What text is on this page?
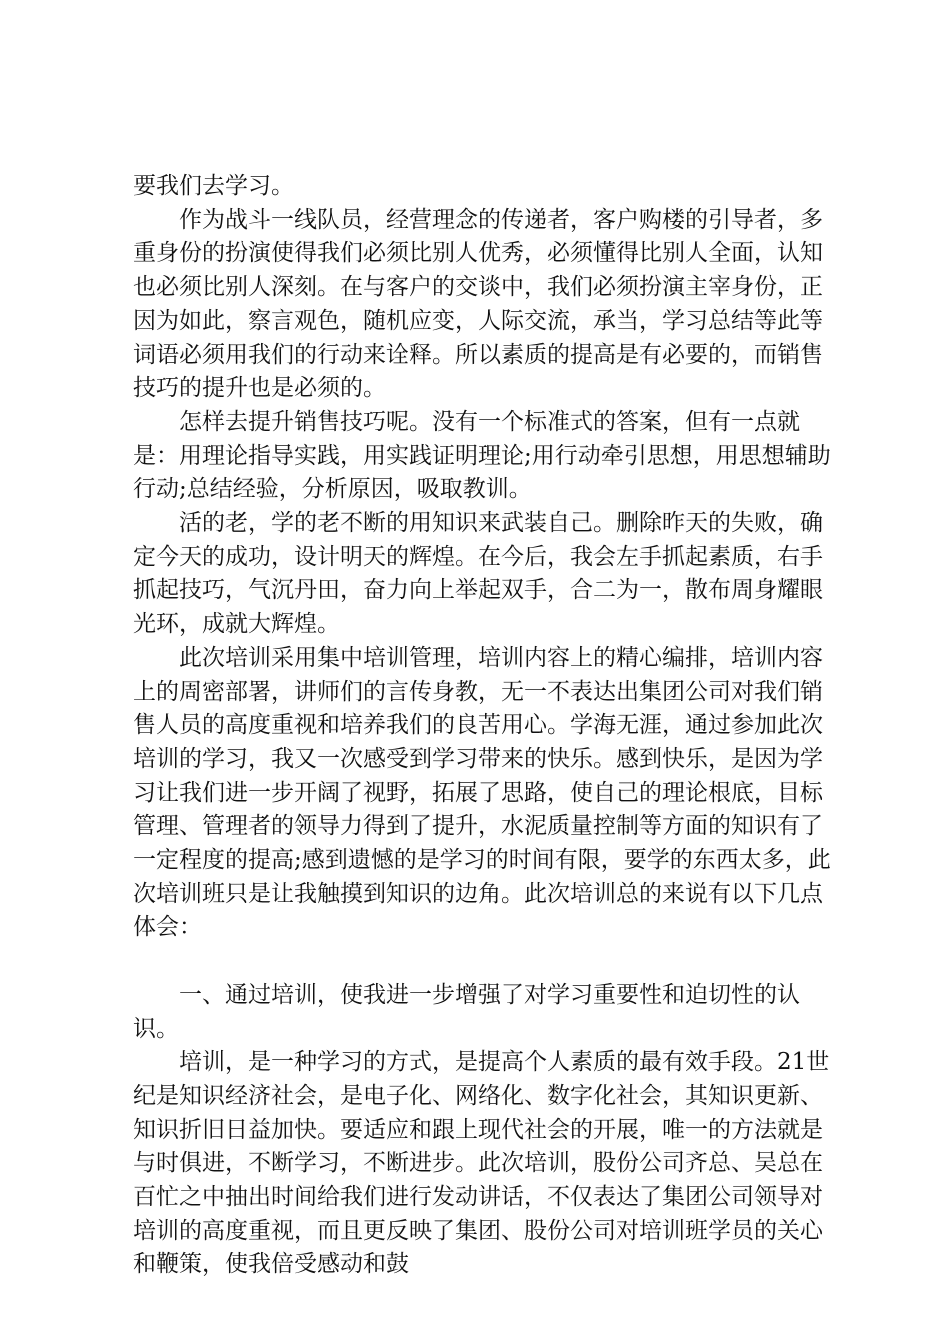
要我们去学习。

作为战斗一线队员，经营理念的传递者，客户购楼的引导者，多重身份的扮演使得我们必须比别人优秀，必须懂得比别人全面，认知也必须比别人深刻。在与客户的交谈中，我们必须扮演主宰身份，正因为如此，察言观色，随机应变，人际交流，承当，学习总结等此等词语必须用我们的行动来诠释。所以素质的提高是有必要的，而销售技巧的提升也是必须的。

怎样去提升销售技巧呢。没有一个标准式的答案，但有一点就是：用理论指导实践，用实践证明理论;用行动牵引思想，用思想辅助行动;总结经验，分析原因，吸取教训。

活的老，学的老不断的用知识来武装自己。删除昨天的失败，确定今天的成功，设计明天的辉煌。在今后，我会左手抓起素质，右手抓起技巧，气沉丹田，奋力向上举起双手，合二为一，散布周身耀眼光环，成就大辉煌。

此次培训采用集中培训管理，培训内容上的精心编排，培训内容上的周密部署，讲师们的言传身教，无一不表达出集团公司对我们销售人员的高度重视和培养我们的良苦用心。学海无涯，通过参加此次培训的学习，我又一次感受到学习带来的快乐。感到快乐，是因为学习让我们进一步开阔了视野，拓展了思路，使自己的理论根底，目标管理、管理者的领导力得到了提升，水泥质量控制等方面的知识有了一定程度的提高;感到遗憾的是学习的时间有限，要学的东西太多，此次培训班只是让我触摸到知识的边角。此次培训总的来说有以下几点体会：

一、通过培训，使我进一步增强了对学习重要性和迫切性的认识。

培训，是一种学习的方式，是提高个人素质的最有效手段。21世纪是知识经济社会，是电子化、网络化、数字化社会，其知识更新、知识折旧日益加快。要适应和跟上现代社会的开展，唯一的方法就是与时俱进，不断学习，不断进步。此次培训，股份公司齐总、吴总在百忙之中抽出时间给我们进行发动讲话，不仅表达了集团公司领导对培训的高度重视，而且更反映了集团、股份公司对培训班学员的关心和鞭策，使我倍受感动和鼓
